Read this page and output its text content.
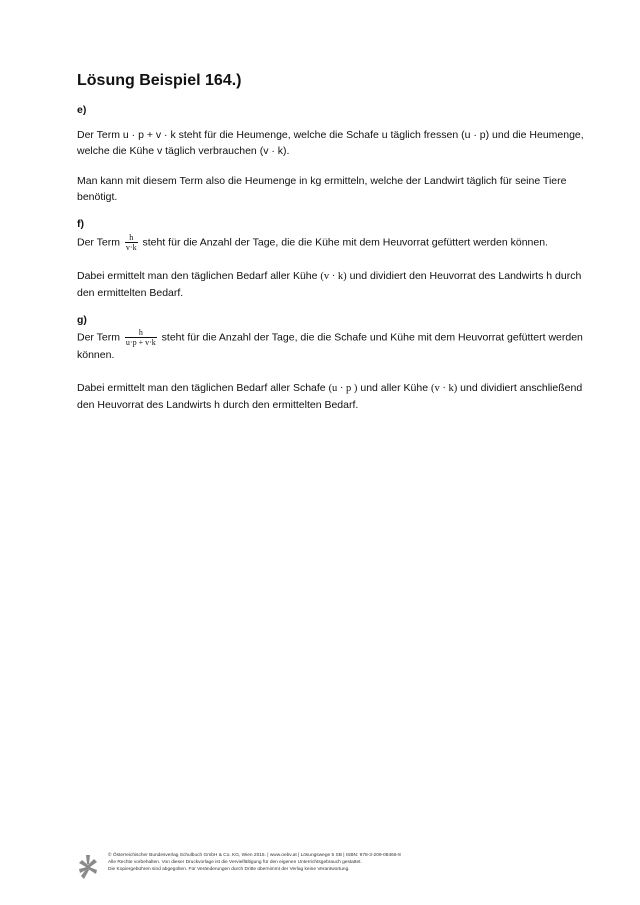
Lösung Beispiel 164.)
e)
Der Term u · p + v · k steht für die Heumenge, welche die Schafe u täglich fressen (u · p) und die Heumenge, welche die Kühe v täglich verbrauchen (v · k).
Man kann mit diesem Term also die Heumenge in kg ermitteln, welche der Landwirt täglich für seine Tiere benötigt.
f)
Der Term $\frac{h}{v\cdot k}$ steht für die Anzahl der Tage, die die Kühe mit dem Heuvorrat gefüttert werden können.
Dabei ermittelt man den täglichen Bedarf aller Kühe (v · k) und dividiert den Heuvorrat des Landwirts h durch den ermittelten Bedarf.
g)
Der Term $\frac{h}{u\cdot p + v\cdot k}$ steht für die Anzahl der Tage, die die Schafe und Kühe mit dem Heuvorrat gefüttert werden können.
Dabei ermittelt man den täglichen Bedarf aller Schafe (u · p ) und aller Kühe (v · k) und dividiert anschließend den Heuvorrat des Landwirts h durch den ermittelten Bedarf.
© Österreichischer Bundesverlag Schulbuch GmbH & Co. KG, Wien 2015. | www.oebv.at | Lösungswege 5 SB | ISBN: 978-3-209-08466-8
Alle Rechte vorbehalten. Von dieser Druckvorlage ist die Vervielfältigung für den eigenen Unterrichtsgebrauch gestattet.
Die Kopiergebühren sind abgegolten. Für Veränderungen durch Dritte übernimmt der Verlag keine Verantwortung.
